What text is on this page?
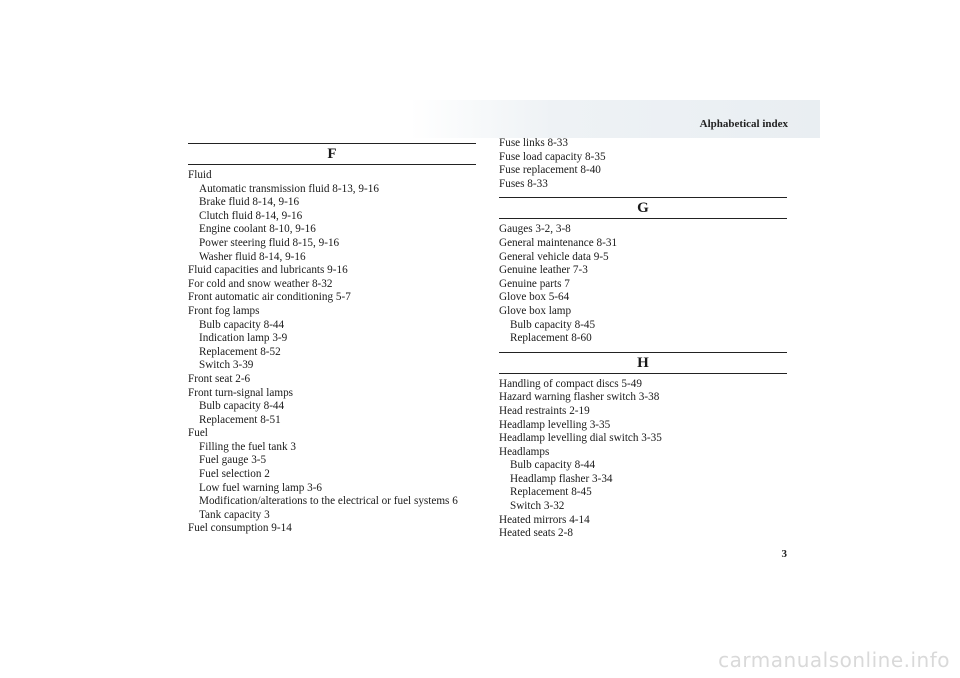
Alphabetical index
F
Fluid
Automatic transmission fluid 8-13, 9-16
Brake fluid 8-14, 9-16
Clutch fluid 8-14, 9-16
Engine coolant 8-10, 9-16
Power steering fluid 8-15, 9-16
Washer fluid 8-14, 9-16
Fluid capacities and lubricants 9-16
For cold and snow weather 8-32
Front automatic air conditioning 5-7
Front fog lamps
Bulb capacity 8-44
Indication lamp 3-9
Replacement 8-52
Switch 3-39
Front seat 2-6
Front turn-signal lamps
Bulb capacity 8-44
Replacement 8-51
Fuel
Filling the fuel tank 3
Fuel gauge 3-5
Fuel selection 2
Low fuel warning lamp 3-6
Modification/alterations to the electrical or fuel systems 6
Tank capacity 3
Fuel consumption 9-14
Fuse links 8-33
Fuse load capacity 8-35
Fuse replacement 8-40
Fuses 8-33
G
Gauges 3-2, 3-8
General maintenance 8-31
General vehicle data 9-5
Genuine leather 7-3
Genuine parts 7
Glove box 5-64
Glove box lamp
Bulb capacity 8-45
Replacement 8-60
H
Handling of compact discs 5-49
Hazard warning flasher switch 3-38
Head restraints 2-19
Headlamp levelling 3-35
Headlamp levelling dial switch 3-35
Headlamps
Bulb capacity 8-44
Headlamp flasher 3-34
Replacement 8-45
Switch 3-32
Heated mirrors 4-14
Heated seats 2-8
3
carmanualsonline.info
